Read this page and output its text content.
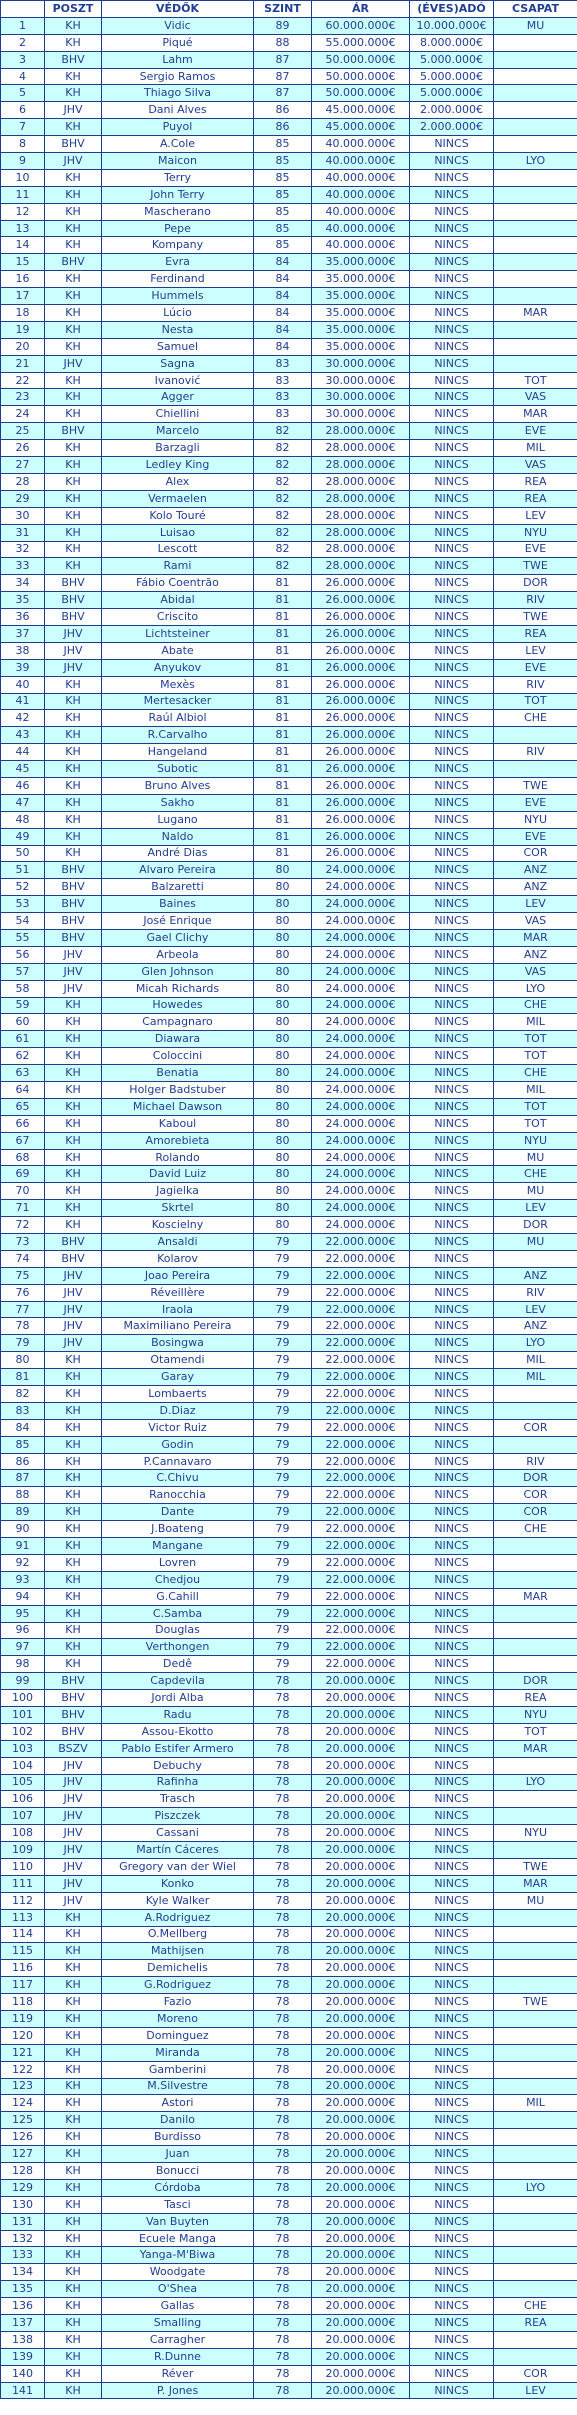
	POSZT	VÉDŐK	SZINT	ÁR	(ÉVES)ADÓ	CSAPAT
1	KH	Vidic	89	60.000.000€	10.000.000€	MU
2	KH	Piqué	88	55.000.000€	8.000.000€	
3	BHV	Lahm	87	50.000.000€	5.000.000€	
4	KH	Sergio Ramos	87	50.000.000€	5.000.000€	
5	KH	Thiago Silva	87	50.000.000€	5.000.000€	
6	JHV	Dani Alves	86	45.000.000€	2.000.000€	
7	KH	Puyol	86	45.000.000€	2.000.000€	
8	BHV	A.Cole	85	40.000.000€	NINCS	
9	JHV	Maicon	85	40.000.000€	NINCS	LYO
10	KH	Terry	85	40.000.000€	NINCS	
11	KH	John Terry	85	40.000.000€	NINCS	
12	KH	Mascherano	85	40.000.000€	NINCS	
13	KH	Pepe	85	40.000.000€	NINCS	
14	KH	Kompany	85	40.000.000€	NINCS	
15	BHV	Evra	84	35.000.000€	NINCS	
16	KH	Ferdinand	84	35.000.000€	NINCS	
17	KH	Hummels	84	35.000.000€	NINCS	
18	KH	Lúcio	84	35.000.000€	NINCS	MAR
19	KH	Nesta	84	35.000.000€	NINCS	
20	KH	Samuel	84	35.000.000€	NINCS	
21	JHV	Sagna	83	30.000.000€	NINCS	
22	KH	Ivanović	83	30.000.000€	NINCS	TOT
23	KH	Agger	83	30.000.000€	NINCS	VAS
24	KH	Chiellini	83	30.000.000€	NINCS	MAR
25	BHV	Marcelo	82	28.000.000€	NINCS	EVE
26	KH	Barzagli	82	28.000.000€	NINCS	MIL
27	KH	Ledley King	82	28.000.000€	NINCS	VAS
28	KH	Alex	82	28.000.000€	NINCS	REA
29	KH	Vermaelen	82	28.000.000€	NINCS	REA
30	KH	Kolo Touré	82	28.000.000€	NINCS	LEV
31	KH	Luisao	82	28.000.000€	NINCS	NYU
32	KH	Lescott	82	28.000.000€	NINCS	EVE
33	KH	Rami	82	28.000.000€	NINCS	TWE
34	BHV	Fábio Coentrão	81	26.000.000€	NINCS	DOR
35	BHV	Abidal	81	26.000.000€	NINCS	RIV
36	BHV	Criscito	81	26.000.000€	NINCS	TWE
37	JHV	Lichtsteiner	81	26.000.000€	NINCS	REA
38	JHV	Abate	81	26.000.000€	NINCS	LEV
39	JHV	Anyukov	81	26.000.000€	NINCS	EVE
40	KH	Mexès	81	26.000.000€	NINCS	RIV
41	KH	Mertesacker	81	26.000.000€	NINCS	TOT
42	KH	Raúl Albiol	81	26.000.000€	NINCS	CHE
43	KH	R.Carvalho	81	26.000.000€	NINCS	
44	KH	Hangeland	81	26.000.000€	NINCS	RIV
45	KH	Subotic	81	26.000.000€	NINCS	
46	KH	Bruno Alves	81	26.000.000€	NINCS	TWE
47	KH	Sakho	81	26.000.000€	NINCS	EVE
48	KH	Lugano	81	26.000.000€	NINCS	NYU
49	KH	Naldo	81	26.000.000€	NINCS	EVE
50	KH	André Dias	81	26.000.000€	NINCS	COR
51	BHV	Alvaro Pereira	80	24.000.000€	NINCS	ANZ
52	BHV	Balzaretti	80	24.000.000€	NINCS	ANZ
53	BHV	Baines	80	24.000.000€	NINCS	LEV
54	BHV	José Enrique	80	24.000.000€	NINCS	VAS
55	BHV	Gael Clichy	80	24.000.000€	NINCS	MAR
56	JHV	Arbeola	80	24.000.000€	NINCS	ANZ
57	JHV	Glen Johnson	80	24.000.000€	NINCS	VAS
58	JHV	Micah Richards	80	24.000.000€	NINCS	LYO
59	KH	Howedes	80	24.000.000€	NINCS	CHE
60	KH	Campagnaro	80	24.000.000€	NINCS	MIL
61	KH	Diawara	80	24.000.000€	NINCS	TOT
62	KH	Coloccini	80	24.000.000€	NINCS	TOT
63	KH	Benatia	80	24.000.000€	NINCS	CHE
64	KH	Holger Badstuber	80	24.000.000€	NINCS	MIL
65	KH	Michael Dawson	80	24.000.000€	NINCS	TOT
66	KH	Kaboul	80	24.000.000€	NINCS	TOT
67	KH	Amorebieta	80	24.000.000€	NINCS	NYU
68	KH	Rolando	80	24.000.000€	NINCS	MU
69	KH	David Luiz	80	24.000.000€	NINCS	CHE
70	KH	Jagielka	80	24.000.000€	NINCS	MU
71	KH	Skrtel	80	24.000.000€	NINCS	LEV
72	KH	Koscielny	80	24.000.000€	NINCS	DOR
73	BHV	Ansaldi	79	22.000.000€	NINCS	MU
74	BHV	Kolarov	79	22.000.000€	NINCS	
75	JHV	Joao Pereira	79	22.000.000€	NINCS	ANZ
76	JHV	Réveillère	79	22.000.000€	NINCS	RIV
77	JHV	Iraola	79	22.000.000€	NINCS	LEV
78	JHV	Maximiliano Pereira	79	22.000.000€	NINCS	ANZ
79	JHV	Bosingwa	79	22.000.000€	NINCS	LYO
80	KH	Otamendi	79	22.000.000€	NINCS	MIL
81	KH	Garay	79	22.000.000€	NINCS	MIL
82	KH	Lombaerts	79	22.000.000€	NINCS	
83	KH	D.Diaz	79	22.000.000€	NINCS	
84	KH	Victor Ruiz	79	22.000.000€	NINCS	COR
85	KH	Godin	79	22.000.000€	NINCS	
86	KH	P.Cannavaro	79	22.000.000€	NINCS	RIV
87	KH	C.Chivu	79	22.000.000€	NINCS	DOR
88	KH	Ranocchia	79	22.000.000€	NINCS	COR
89	KH	Dante	79	22.000.000€	NINCS	COR
90	KH	J.Boateng	79	22.000.000€	NINCS	CHE
91	KH	Mangane	79	22.000.000€	NINCS	
92	KH	Lovren	79	22.000.000€	NINCS	
93	KH	Chedjou	79	22.000.000€	NINCS	
94	KH	G.Cahill	79	22.000.000€	NINCS	MAR
95	KH	C.Samba	79	22.000.000€	NINCS	
96	KH	Douglas	79	22.000.000€	NINCS	
97	KH	Verthongen	79	22.000.000€	NINCS	
98	KH	Dedê	79	22.000.000€	NINCS	
99	BHV	Capdevila	78	20.000.000€	NINCS	DOR
100	BHV	Jordi Alba	78	20.000.000€	NINCS	REA
101	BHV	Radu	78	20.000.000€	NINCS	NYU
102	BHV	Assou-Ekotto	78	20.000.000€	NINCS	TOT
103	BSZV	Pablo Estifer Armero	78	20.000.000€	NINCS	MAR
104	JHV	Debuchy	78	20.000.000€	NINCS	
105	JHV	Rafinha	78	20.000.000€	NINCS	LYO
106	JHV	Trasch	78	20.000.000€	NINCS	
107	JHV	Piszczek	78	20.000.000€	NINCS	
108	JHV	Cassani	78	20.000.000€	NINCS	NYU
109	JHV	Martín Cáceres	78	20.000.000€	NINCS	
110	JHV	Gregory van der Wiel	78	20.000.000€	NINCS	TWE
111	JHV	Konko	78	20.000.000€	NINCS	MAR
112	JHV	Kyle Walker	78	20.000.000€	NINCS	MU
113	KH	A.Rodriguez	78	20.000.000€	NINCS	
114	KH	O.Mellberg	78	20.000.000€	NINCS	
115	KH	Mathijsen	78	20.000.000€	NINCS	
116	KH	Demichelis	78	20.000.000€	NINCS	
117	KH	G.Rodriguez	78	20.000.000€	NINCS	
118	KH	Fazio	78	20.000.000€	NINCS	TWE
119	KH	Moreno	78	20.000.000€	NINCS	
120	KH	Dominguez	78	20.000.000€	NINCS	
121	KH	Miranda	78	20.000.000€	NINCS	
122	KH	Gamberini	78	20.000.000€	NINCS	
123	KH	M.Silvestre	78	20.000.000€	NINCS	
124	KH	Astori	78	20.000.000€	NINCS	MIL
125	KH	Danilo	78	20.000.000€	NINCS	
126	KH	Burdisso	78	20.000.000€	NINCS	
127	KH	Juan	78	20.000.000€	NINCS	
128	KH	Bonucci	78	20.000.000€	NINCS	
129	KH	Córdoba	78	20.000.000€	NINCS	LYO
130	KH	Tasci	78	20.000.000€	NINCS	
131	KH	Van Buyten	78	20.000.000€	NINCS	
132	KH	Ecuele Manga	78	20.000.000€	NINCS	
133	KH	Yanga-M'Biwa	78	20.000.000€	NINCS	
134	KH	Woodgate	78	20.000.000€	NINCS	
135	KH	O'Shea	78	20.000.000€	NINCS	
136	KH	Gallas	78	20.000.000€	NINCS	CHE
137	KH	Smalling	78	20.000.000€	NINCS	REA
138	KH	Carragher	78	20.000.000€	NINCS	
139	KH	R.Dunne	78	20.000.000€	NINCS	
140	KH	Réver	78	20.000.000€	NINCS	COR
141	KH	P. Jones	78	20.000.000€	NINCS	LEV
